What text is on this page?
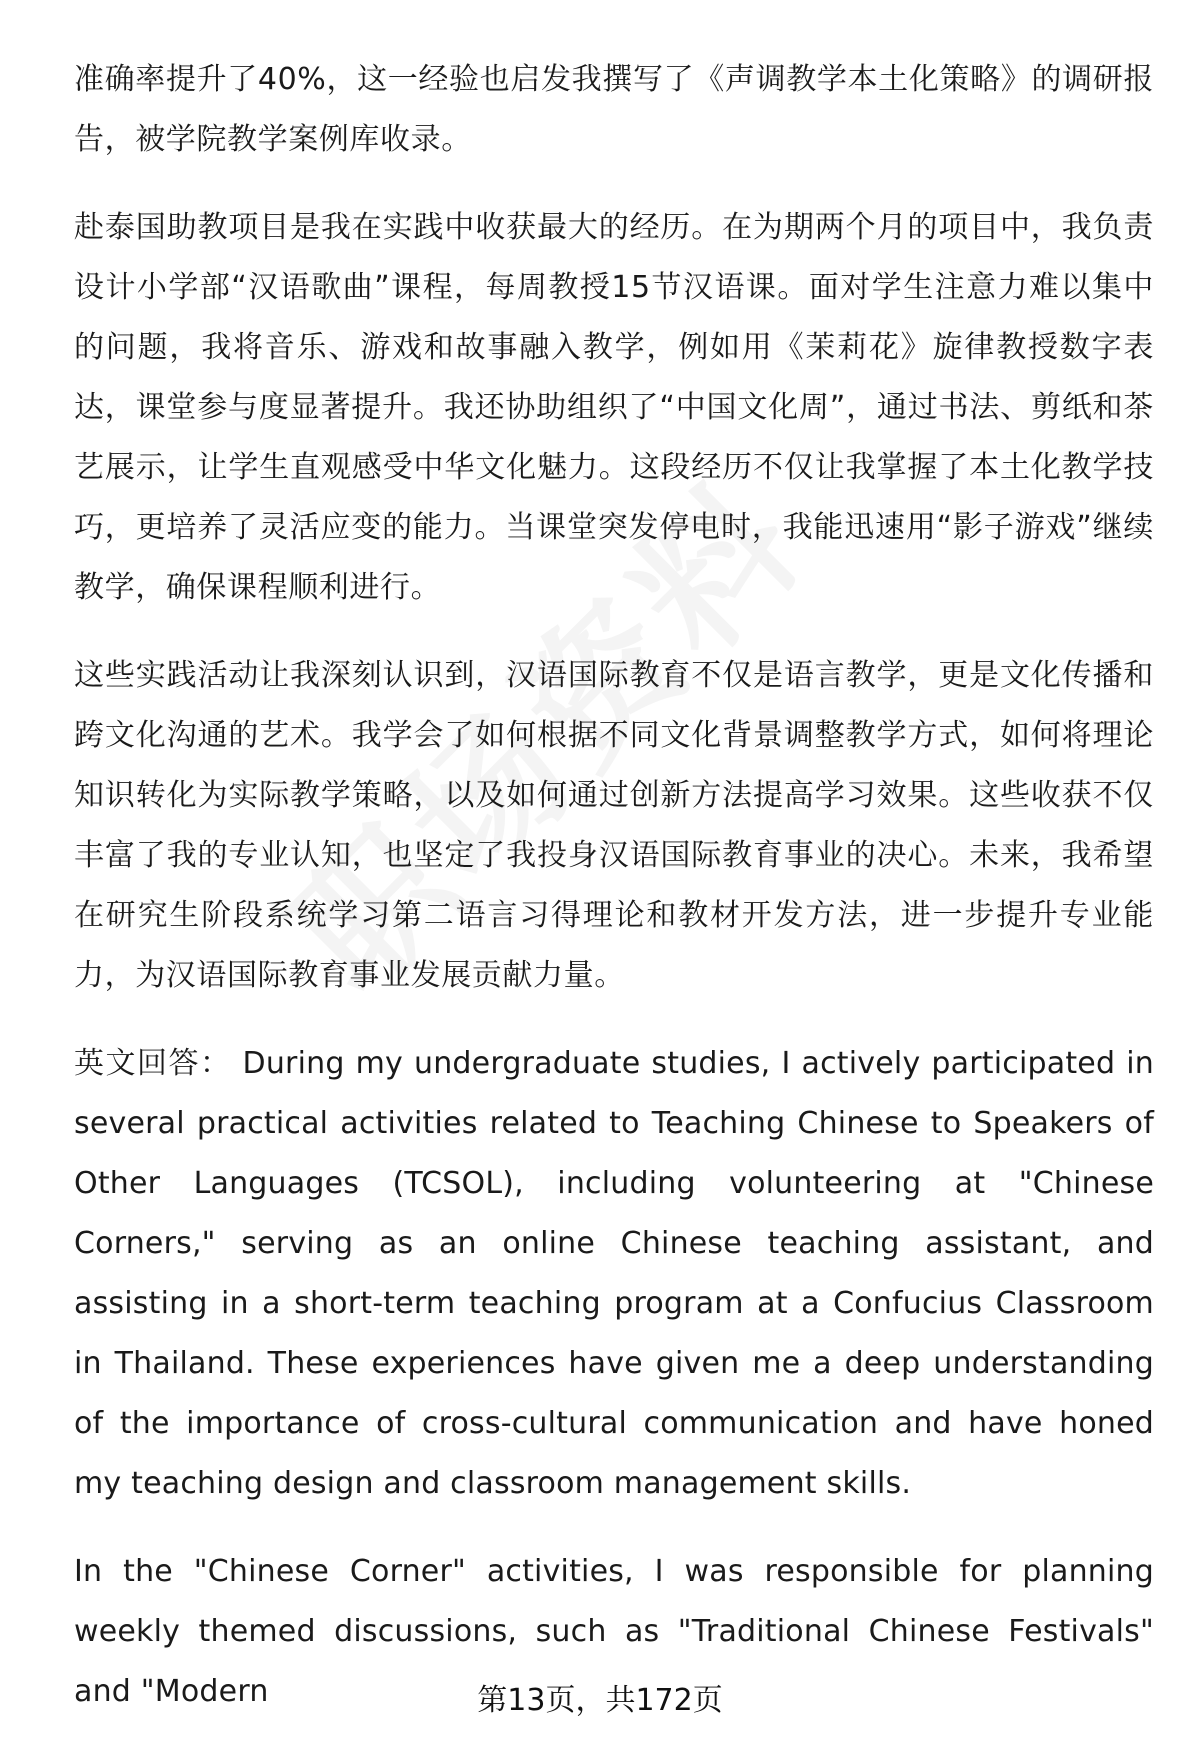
准确率提升了40%，这一经验也启发我撰写了《声调教学本土化策略》的调研报告，被学院教学案例库收录。

赴泰国助教项目是我在实践中收获最大的经历。在为期两个月的项目中，我负责设计小学部“汉语歌曲”课程，每周教授15节汉语课。面对学生注意力难以集中的问题，我将音乐、游戏和故事融入教学，例如用《茉莉花》旋律教授数字表达，课堂参与度显著提升。我还协助组织了“中国文化周”，通过书法、剪纸和茶艺展示，让学生直观感受中华文化魅力。这段经历不仅让我掌握了本土化教学技巧，更培养了灵活应变的能力。当课堂突发停电时，我能迅速用“影子游戏”继续教学，确保课程顺利进行。

这些实践活动让我深刻认识到，汉语国际教育不仅是语言教学，更是文化传播和跨文化沟通的艺术。我学会了如何根据不同文化背景调整教学方式，如何将理论知识转化为实际教学策略，以及如何通过创新方法提高学习效果。这些收获不仅丰富了我的专业认知，也坚定了我投身汉语国际教育事业的决心。未来，我希望在研究生阶段系统学习第二语言习得理论和教材开发方法，进一步提升专业能力，为汉语国际教育事业发展贡献力量。

英文回答： During my undergraduate studies, I actively participated in several practical activities related to Teaching Chinese to Speakers of Other Languages (TCSOL), including volunteering at "Chinese Corners," serving as an online Chinese teaching assistant, and assisting in a short-term teaching program at a Confucius Classroom in Thailand. These experiences have given me a deep understanding of the importance of cross-cultural communication and have honed my teaching design and classroom management skills.

In the "Chinese Corner" activities, I was responsible for planning weekly themed discussions, such as "Traditional Chinese Festivals" and "Modern	第13页，共172页
